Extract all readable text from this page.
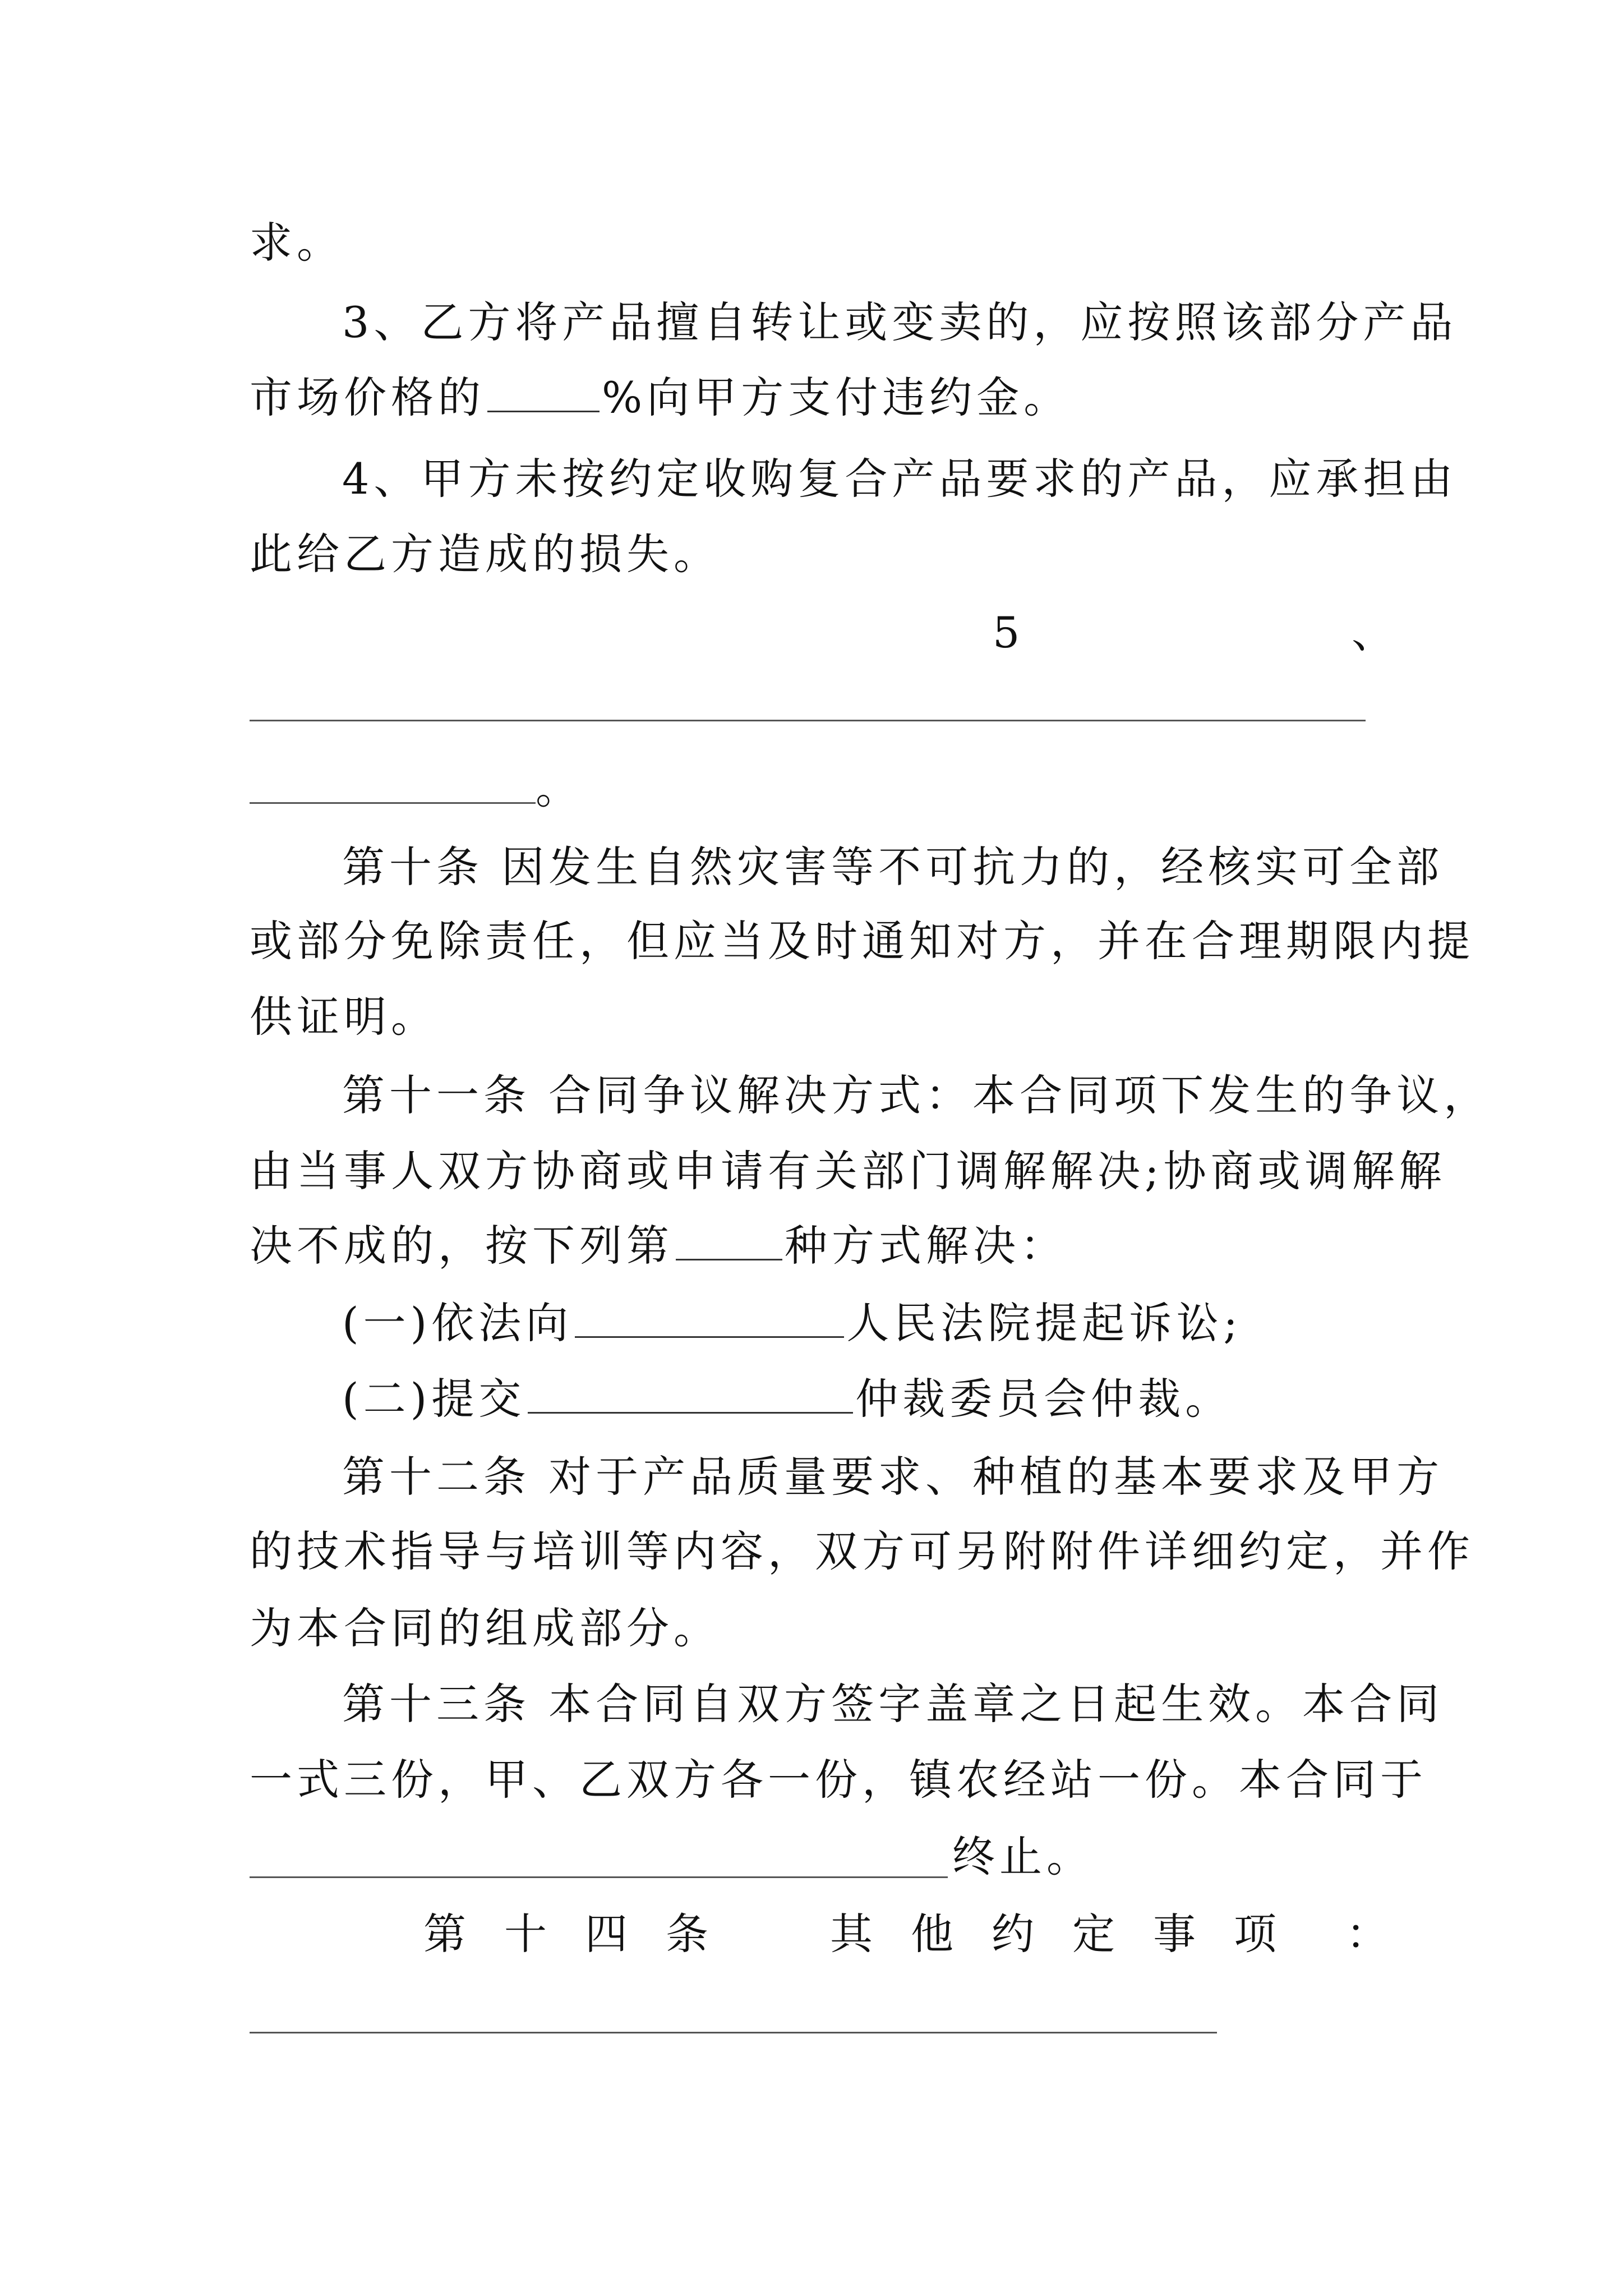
求。
3、乙方将产品擅自转让或变卖的，应按照该部分产品
市场价格的	%向甲方支付违约金。
4、甲方未按约定收购复合产品要求的产品，应承担由
此给乙方造成的损失。
5	、
。
第十条 因发生自然灾害等不可抗力的，经核实可全部
或部分免除责任，但应当及时通知对方，并在合理期限内提
供证明。
第十一条 合同争议解决方式：本合同项下发生的争议，
由当事人双方协商或申请有关部门调解解决;协商或调解解
决不成的，按下列第	种方式解决：
(一)依法向	人民法院提起诉讼;
(二)提交	仲裁委员会仲裁。
第十二条 对于产品质量要求、种植的基本要求及甲方
的技术指导与培训等内容，双方可另附附件详细约定，并作
为本合同的组成部分。
第十三条 本合同自双方签字盖章之日起生效。本合同
一式三份，甲、乙双方各一份，镇农经站一份。本合同于
终止。
第十四条 其他约定事项 ：
